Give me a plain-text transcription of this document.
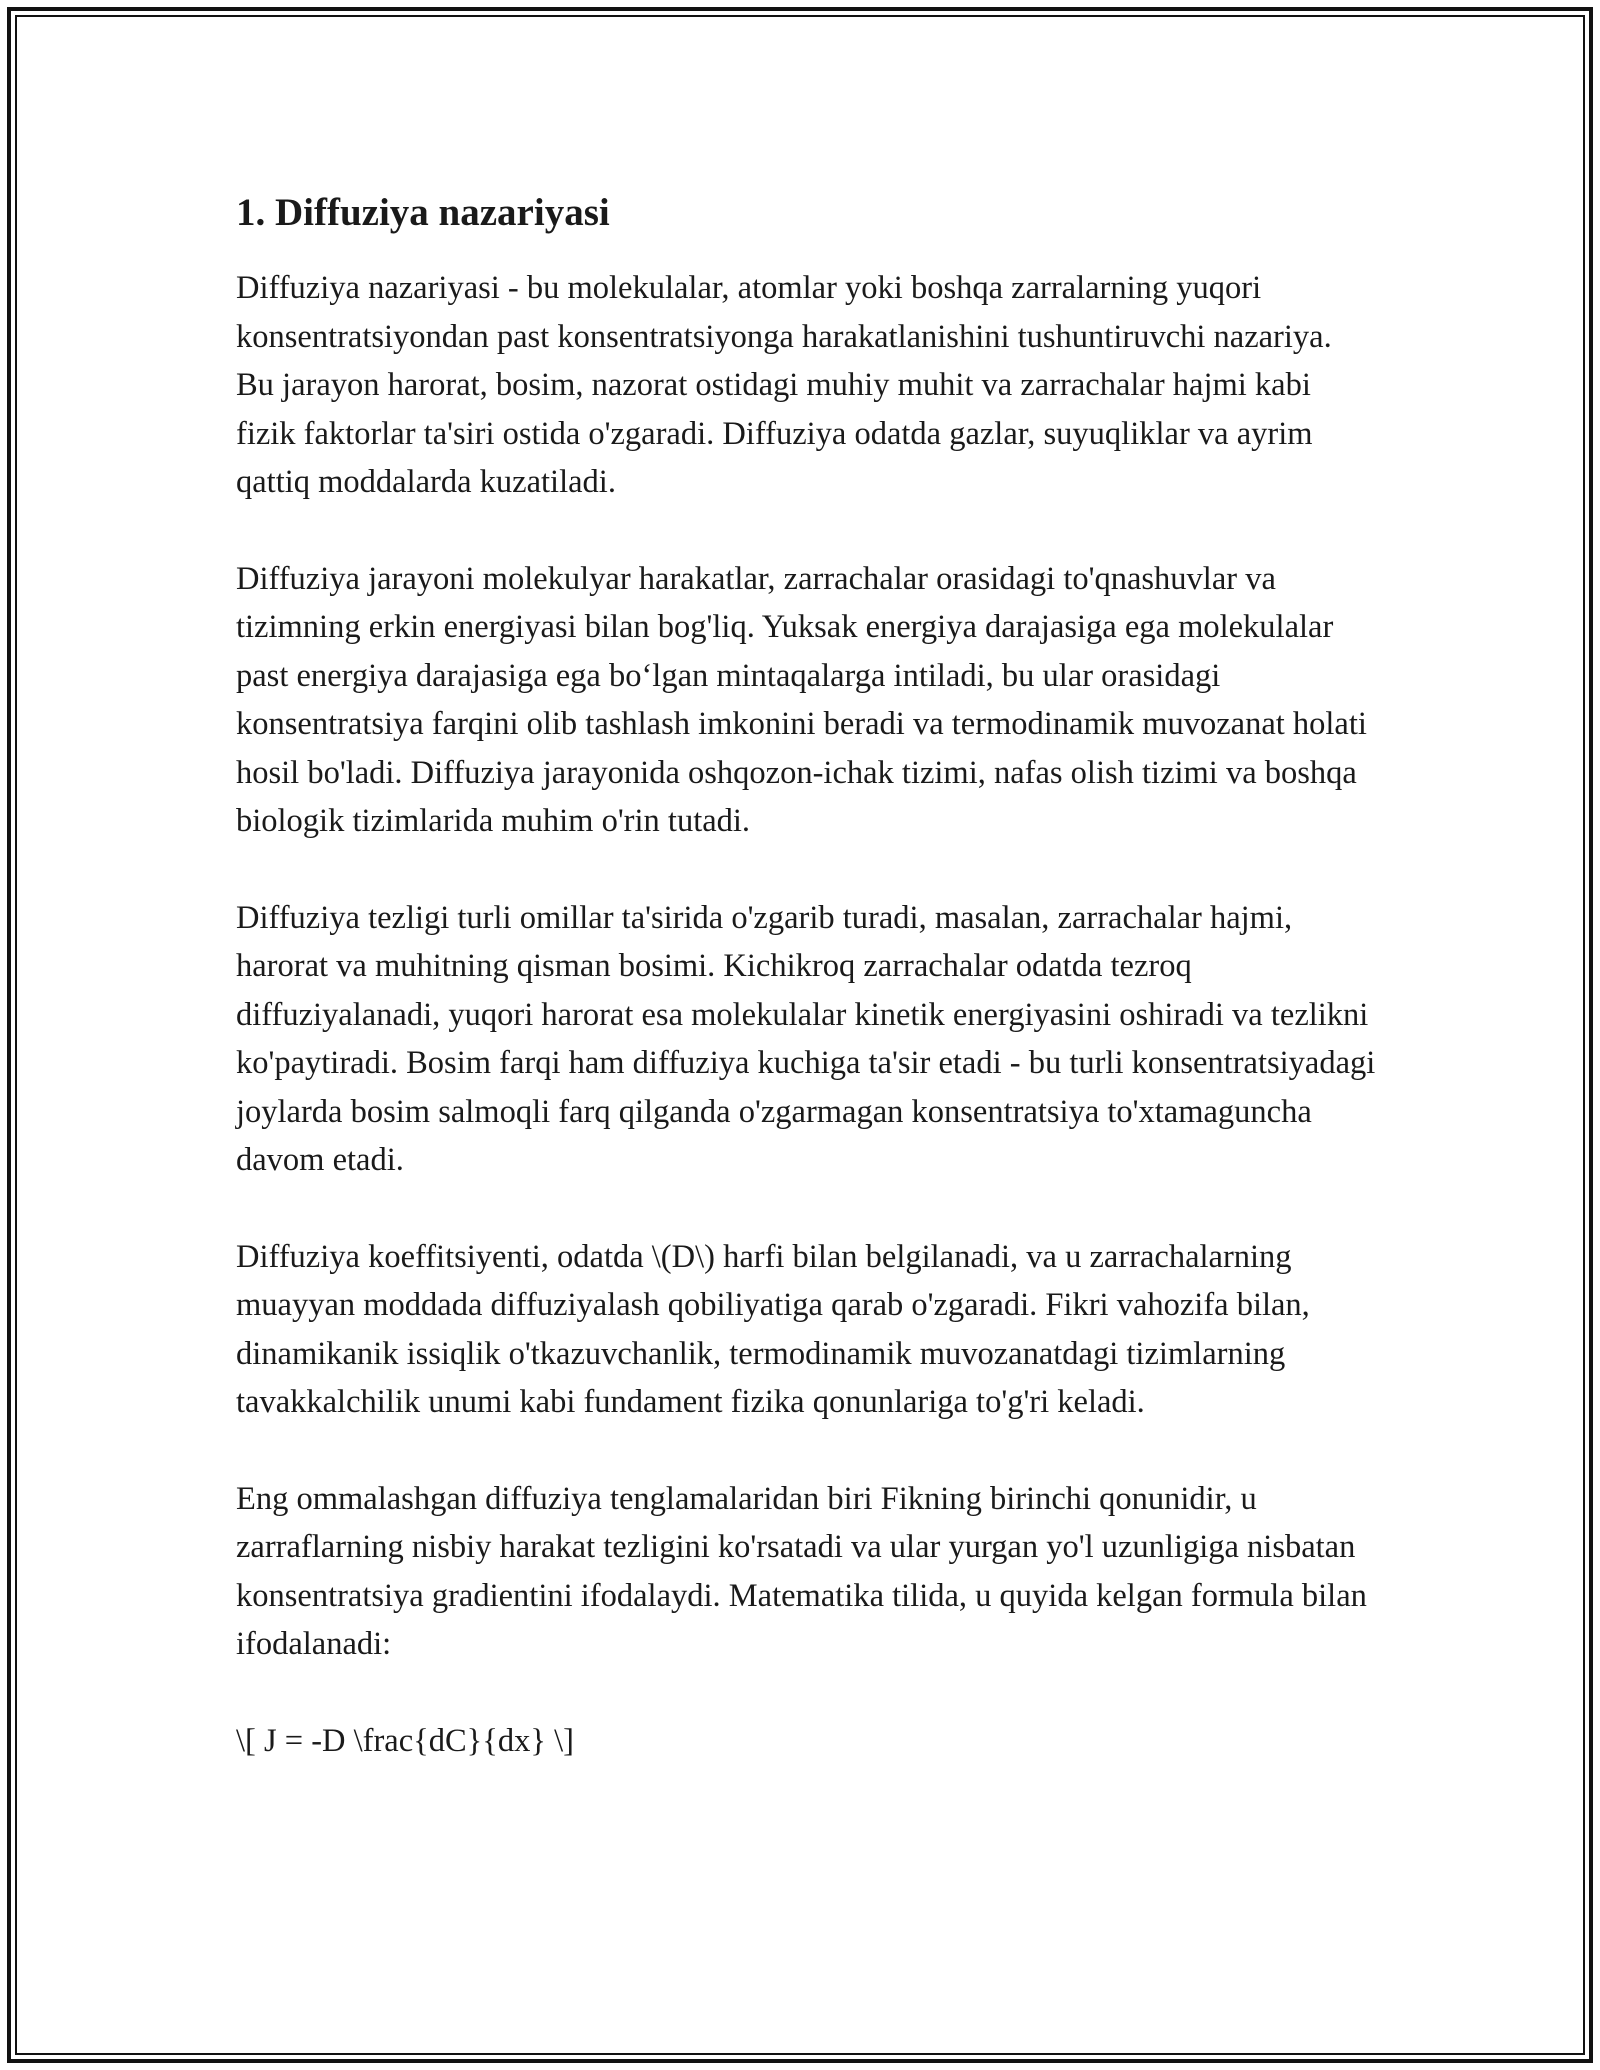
1. Diffuziya nazariyasi

Diffuziya nazariyasi - bu molekulalar, atomlar yoki boshqa zarralarning yuqori konsentratsiyondan past konsentratsiyonga harakatlanishini tushuntiruvchi nazariya. Bu jarayon harorat, bosim, nazorat ostidagi muhiy muhit va zarrachalar hajmi kabi fizik faktorlar ta'siri ostida o'zgaradi. Diffuziya odatda gazlar, suyuqliklar va ayrim qattiq moddalarda kuzatiladi.

Diffuziya jarayoni molekulyar harakatlar, zarrachalar orasidagi to'qnashuvlar va tizimning erkin energiyasi bilan bog'liq. Yuksak energiya darajasiga ega molekulalar past energiya darajasiga ega bo‘lgan mintaqalarga intiladi, bu ular orasidagi konsentratsiya farqini olib tashlash imkonini beradi va termodinamik muvozanat holati hosil bo'ladi. Diffuziya jarayonida oshqozon-ichak tizimi, nafas olish tizimi va boshqa biologik tizimlarida muhim o'rin tutadi.

Diffuziya tezligi turli omillar ta'sirida o'zgarib turadi, masalan, zarrachalar hajmi, harorat va muhitning qisman bosimi. Kichikroq zarrachalar odatda tezroq diffuziyalanadi, yuqori harorat esa molekulalar kinetik energiyasini oshiradi va tezlikni ko'paytiradi. Bosim farqi ham diffuziya kuchiga ta'sir etadi - bu turli konsentratsiyadagi joylarda bosim salmoqli farq qilganda o'zgarmagan konsentratsiya to'xtamaguncha davom etadi.

Diffuziya koeffitsiyenti, odatda \(D\) harfi bilan belgilanadi, va u zarrachalarning muayyan moddada diffuziyalash qobiliyatiga qarab o'zgaradi. Fikri vahozifa bilan, dinamikanik issiqlik o'tkazuvchanlik, termodinamik muvozanatdagi tizimlarning tavakkalchilik unumi kabi fundament fizika qonunlariga to'g'ri keladi.

Eng ommalashgan diffuziya tenglamalaridan biri Fikning birinchi qonunidir, u zarraflarning nisbiy harakat tezligini ko'rsatadi va ular yurgan yo'l uzunligiga nisbatan konsentratsiya gradientini ifodalaydi. Matematika tilida, u quyida kelgan formula bilan ifodalanadi:

\[ J = -D \frac{dC}{dx} \]
